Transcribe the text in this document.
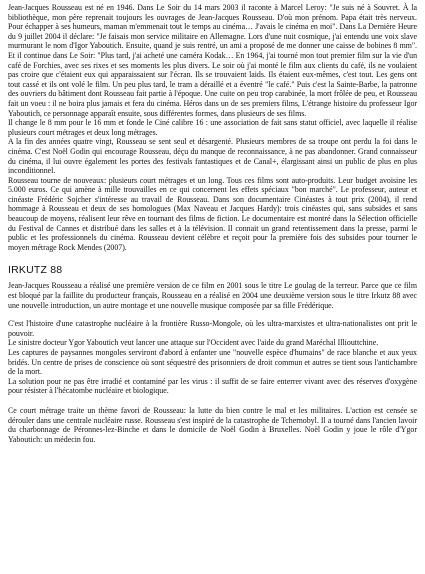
Jean-Jacques Rousseau est né en 1946. Dans Le Soir du 14 mars 2003 il raconte à Marcel Leroy: "Je suis né à Souvret. À la bibliothèque, mon père reprenait toujours les ouvrages de Jean-Jacques Rousseau. D'où mon prénom. Papa était très nerveux. Pour échapper à ses humeurs, maman m'emmenait tout le temps au cinéma… J'avais le cinéma en moi". Dans La Dernière Heure du 9 juillet 2004 il déclare: "Je faisais mon service militaire en Allemagne. Lors d'une nuit cosmique, j'ai entendu une voix slave murmurant le nom d'Igor Yaboutich. Ensuite, quand je suis rentré, un ami a proposé de me donner une caisse de bobines 8 mm". Et il continue dans Le Soir: "Plus tard, j'ai acheté une caméra Kodak… En 1964, j'ai tourné mon tout premier film sur la vie d'un café de Forchies, avec ses rixes et ses moments les plus divers. Le soir où j'ai monté le film aux clients du café, ils ne voulaient pas croire que c'étaient eux qui apparaissaient sur l'écran. Ils se trouvaient laids. Ils étaient eux-mêmes, c'est tout. Les gens ont tout cassé et ils ont volé le film. Un peu plus tard, le tram a déraillé et a éventré "le café." Puis c'est la Sainte-Barbe, la patronne des ouvriers du bâtiment dont Rousseau fait partie à l'époque. Une cuite on peu trop carabinée, la mort frôlée de peu, et Rousseau fait un voeu : il ne boira plus jamais et fera du cinéma. Héros dans un de ses premiers films, L'étrange histoire du professeur Igor Yaboutich, ce personnage apparaît ensuite, sous différentes formes, dans plusieurs de ses films.

Il change le 8 mm pour le 16 mm et fonde le Ciné calibre 16 : une association de fait sans statut officiel, avec laquelle il réalise plusieurs court métrages et deux long métrages.

A la fin des années quatre vingt, Rousseau se sent seul et désargenté. Plusieurs membres de sa troupe ont perdu la foi dans le cinéma. C'est Noël Godin qui encourage Rousseau, déçu du manque de reconnaissance, à ne pas abandonner. Grand connaisseur du cinéma, il lui ouvre également les portes des festivals fantastiques et de Canal+, élargissant ainsi un public de plus en plus inconditionnel.

Rousseau tourne de nouveaux: plusieurs court métrages et un long. Tous ces films sont auto-produits. Leur budget avoisine les 5.000 euros. Ce qui amène à mille trouvailles en ce qui concernent les effets spéciaux "bon marché". Le professeur, auteur et cinéaste Frédéric Sojcher s'intéresse au travail de Rousseau. Dans son documentaire Cinéastes à tout prix (2004), il rend hommage à Rousseau et deux de ses homologues (Max Naveau et Jacques Hardy): trois cinéastes qui, sans subsides et sans beaucoup de moyens, réalisent leur rêve en tournant des films de fiction. Le documentaire est montré dans la Sélection officielle du Festival de Cannes et distribué dans les salles et à la télévision. Il connait un grand retentissement dans la presse, parmi le public et les professionnels du cinéma. Rousseau devient célèbre et reçoit pour la première fois des subsides pour tourner le moyen métrage Rock Mendes (2007).

IRKUTZ 88

Jean-Jacques Rousseau a réalisé une première version de ce film en 2001 sous le titre Le goulag de la terreur. Parce que ce film est bloqué par la faillite du producteur français, Rousseau en a réalisé en 2004 une deuxième version sous le titre Irkutz 88 avec une nouvelle introduction, un autre montage et une nouvelle musique composée par sa fille Frédérique.

C'est l'histoire d'une catastrophe nucléaire à la frontière Russo-Mongole, où les ultra-marxistes et ultra-nationalistes ont prit le pouvoir.

Le sinistre docteur Ygor Yaboutich veut lancer une attaque sur l'Occident avec l'aide du grand Maréchal Illiouttchine.

Les captures de paysannes mongoles serviront d'abord à enfanter une "nouvelle espèce d'humains" de race blanche et aux yeux bridés. Un centre de prises de conscience où sont séquestré des prisonniers de droit commun et autres se tient sous l'antichambre de la mort.

La solution pour ne pas être irradié et contaminé par les virus : il suffit de se faire enterrer vivant avec des réserves d'oxygène pour résister à l'hécatombe nucléaire et biologique.

Ce court métrage traite un thème favori de Rousseau: la lutte du bien contre le mal et les militaires. L'action est censée se dérouler dans une centrale nucléaire russe. Rousseau s'est inspiré de la catastrophe de Tchernobyl. Il a tourné dans l'ancien lavoir du charbonnage de Péronnes-lez-Binche et dans le domicile de Noël Godin à Bruxelles. Noël Godin y joue le rôle d'Ygor Yaboutich: un médecin fou.
